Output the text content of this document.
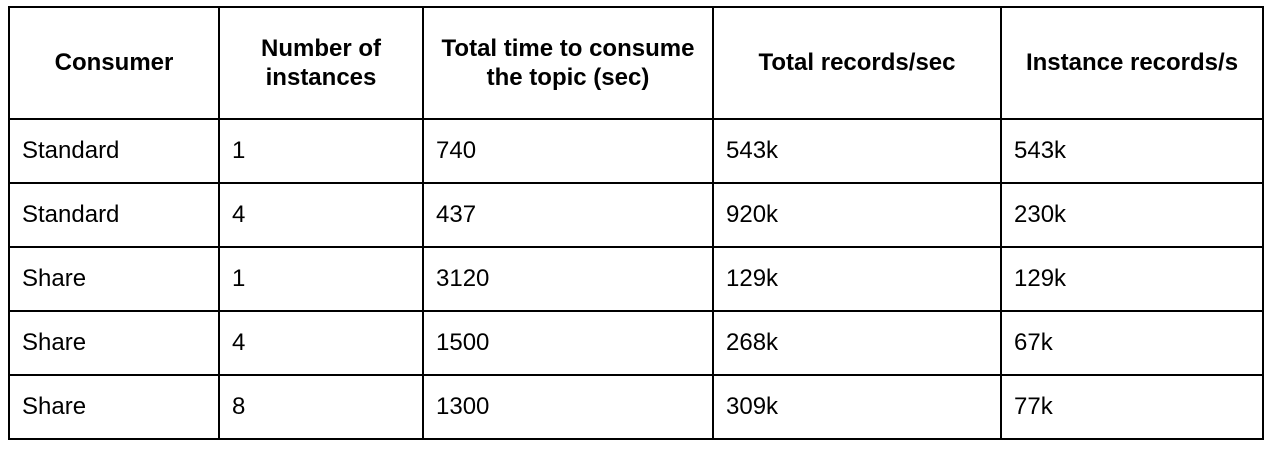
Consumer	Number of instances	Total time to consume the topic (sec)	Total records/sec	Instance records/s
Standard	1	740	543k	543k
Standard	4	437	920k	230k
Share	1	3120	129k	129k
Share	4	1500	268k	67k
Share	8	1300	309k	77k
